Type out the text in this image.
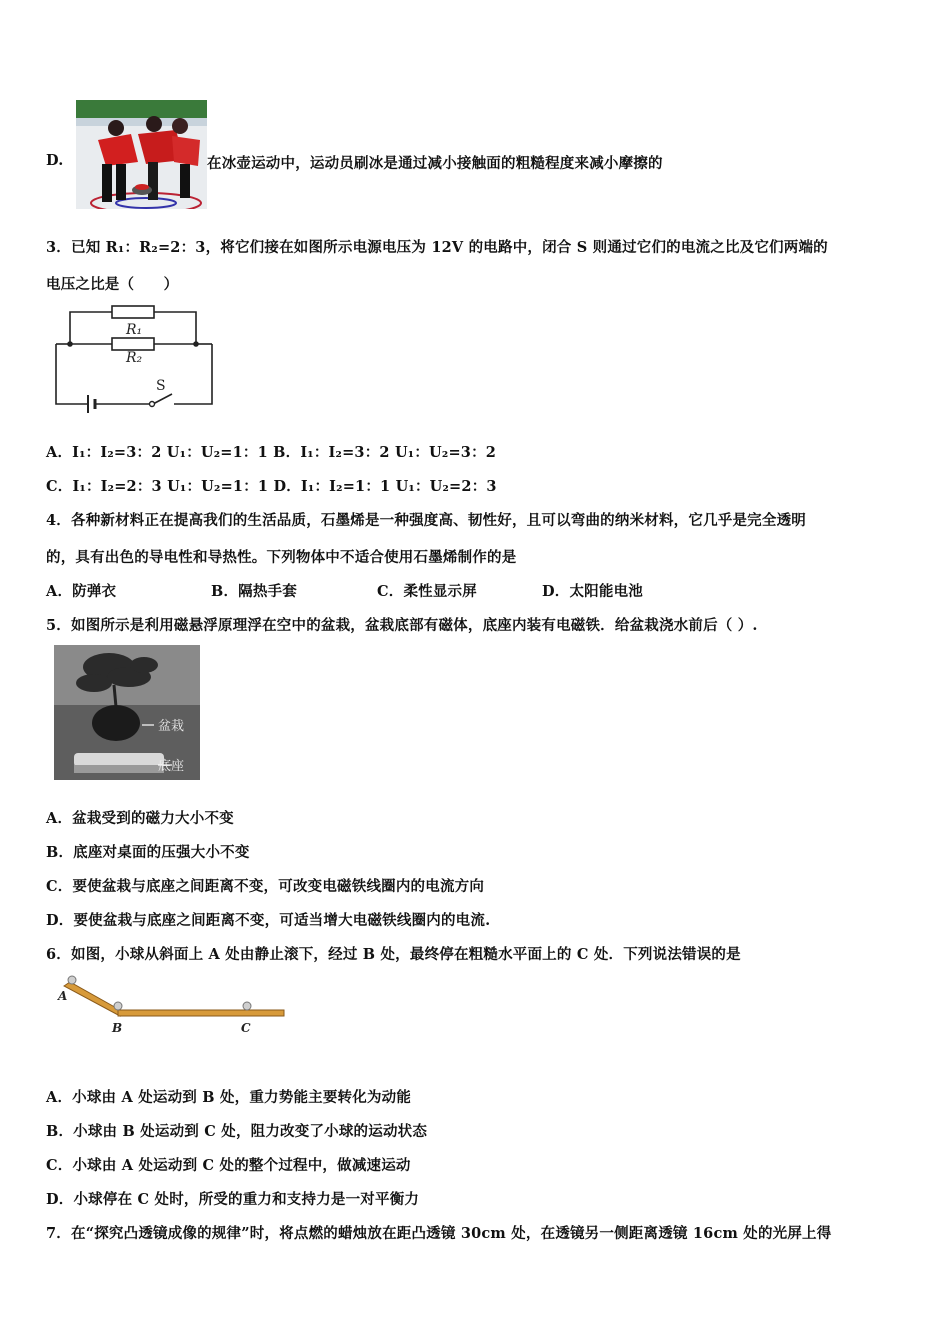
D.	在冰壶运动中，运动员刷冰是通过减小接触面的粗糙程度来减小摩擦的
3．已知 R₁：R₂=2：3，将它们接在如图所示电源电压为 12V 的电路中，闭合 S 则通过它们的电流之比及它们两端的
电压之比是（　　）
R₁
R₂
S
A．I₁：I₂=3：2 U₁：U₂=1：1 B．I₁：I₂=3：2 U₁：U₂=3：2
C．I₁：I₂=2：3 U₁：U₂=1：1 D．I₁：I₂=1：1 U₁：U₂=2：3
4．各种新材料正在提高我们的生活品质，石墨烯是一种强度高、韧性好，且可以弯曲的纳米材料，它几乎是完全透明
的，具有出色的导电性和导热性。下列物体中不适合使用石墨烯制作的是
A．防弹衣	B．隔热手套	C．柔性显示屏	D．太阳能电池
5．如图所示是利用磁悬浮原理浮在空中的盆栽，盆栽底部有磁体，底座内装有电磁铁．给盆栽浇水前后（ ）.
盆栽
底座
A．盆栽受到的磁力大小不变
B．底座对桌面的压强大小不变
C．要使盆栽与底座之间距离不变，可改变电磁铁线圈内的电流方向
D．要使盆栽与底座之间距离不变，可适当增大电磁铁线圈内的电流.
6．如图，小球从斜面上 A 处由静止滚下，经过 B 处，最终停在粗糙水平面上的 C 处．下列说法错误的是
A
B	C
A．小球由 A 处运动到 B 处，重力势能主要转化为动能
B．小球由 B 处运动到 C 处，阻力改变了小球的运动状态
C．小球由 A 处运动到 C 处的整个过程中，做减速运动
D．小球停在 C 处时，所受的重力和支持力是一对平衡力
7．在“探究凸透镜成像的规律”时，将点燃的蜡烛放在距凸透镜 30cm 处，在透镜另一侧距离透镜 16cm 处的光屏上得
